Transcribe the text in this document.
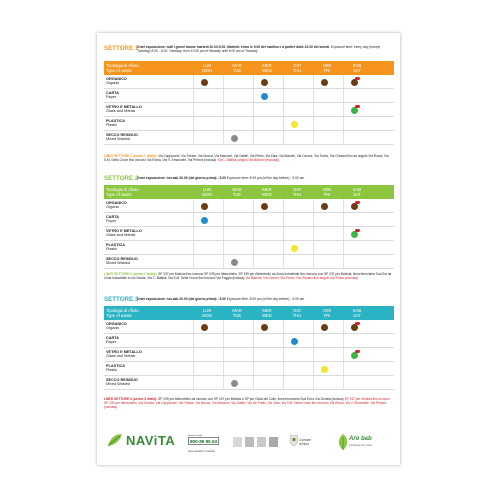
SETTORE 1
Orari esposizione: tutti i giorni tranne martedì 20.00-5.00. Martedì: entro le 5.00 del mattino e a partire dalle 22.00 del lunedì. Exposure time: every day (except Tuesday) 8.00 - 5.00. Tuesday: from 10.00 pm of Monday until 5.00 am of Tuesday
Tipologia di rifiuto
Type of waste
LUN
MON
MAR
TUE
MER
WED
GIO
THU
VEN
FRI
SAB
SAT
ORGANICO
Organic
CARTA
Paper
VETRO E METALLO
Glass and Metals
PLASTICA
Plastic
SECCO RESIDUO
Mixed Wasted
LIMITI SETTORE 1 (sector 1 limits): Via Cappuccini, Via Trieste, Via Mucca, Via Manzoni, Via Galilei, Via Pietro, Via Zara, Via Bianchi, Via Cavour, Via Torino, Via Ortolani fino ad angolo Via Roma, Via S.M. Della Croce fino incrocio Via Roma, Via V. Emanuele, Via Petroni (inclusa) Via C. Battisti (angolo Via Bianchi (esclusa))
SETTORE 2
Orari esposizione: lun-sab 20.00 (del giorno prima) - 5.00 Exposure time: 8.00 pm (of the day before) - 5.00 am
Tipologia di rifiuto
Type of waste
LUN
MON
MAR
TUE
MER
WED
GIO
THU
VEN
FRI
SAB
SAT
ORGANICO
Organic
CARTA
Paper
VETRO E METALLO
Glass and Metals
PLASTICA
Plastic
SECCO RESIDUO
Mixed Wasted
LIMITI SETTORE 2 (sector 2 limits): SP 237 per Mottola fino incrocio SP 239 per Alberobello, SP 239 per Alberobello da Zona Industriale fino incrocio con SP 237 per Mottola, linea ferroviaria Sud Est da Zona Industriale a via Gorizia, Via C. Battisti, Via S.M. Della Croce fino incrocio Via Foggia (inclusa) Via Bianchi, Via Cavour, Via Torino, Via Ortolani fino angolo Via Torino (esclusa)
SETTORE 3
Orari esposizione: lun-sab 20.00 (del giorno prima) - 5.00 Exposure time: 8.00 pm (of the day before) - 5.00 am
Tipologia di rifiuto
Type of waste
LUN
MON
MAR
TUE
MER
WED
GIO
THU
VEN
FRI
SAB
SAT
ORGANICO
Organic
CARTA
Paper
VETRO E METALLO
Glass and Metals
PLASTICA
Plastic
SECCO RESIDUO
Mixed Wasted
LIMITI SETTORE 3 (sector 3 limits): SP 239 per Alberobello da incrocio con SP 237 per Mottola a SP per Gioia del Colle, linea ferroviaria Sud Est a Via Gorizia (inclusa) SP 237 per Mottola fino incrocio SP 239 per Alberobello, Via Gorizia, Via Cappuccini, Via Trieste, Via Mucca, Via Manzoni, Via Galilei, Via De Pretis, Via Zara, Via S.M. Della Croce fino incrocio Via Roma, Via V. Emanuele, Via Petroni (esclusa)
NAViTA	Numero Verde
800-89 85 63
www.navitasrl.it f /navitasrl
Comune
di Noci
Aro bab
L'ambiente che conta
